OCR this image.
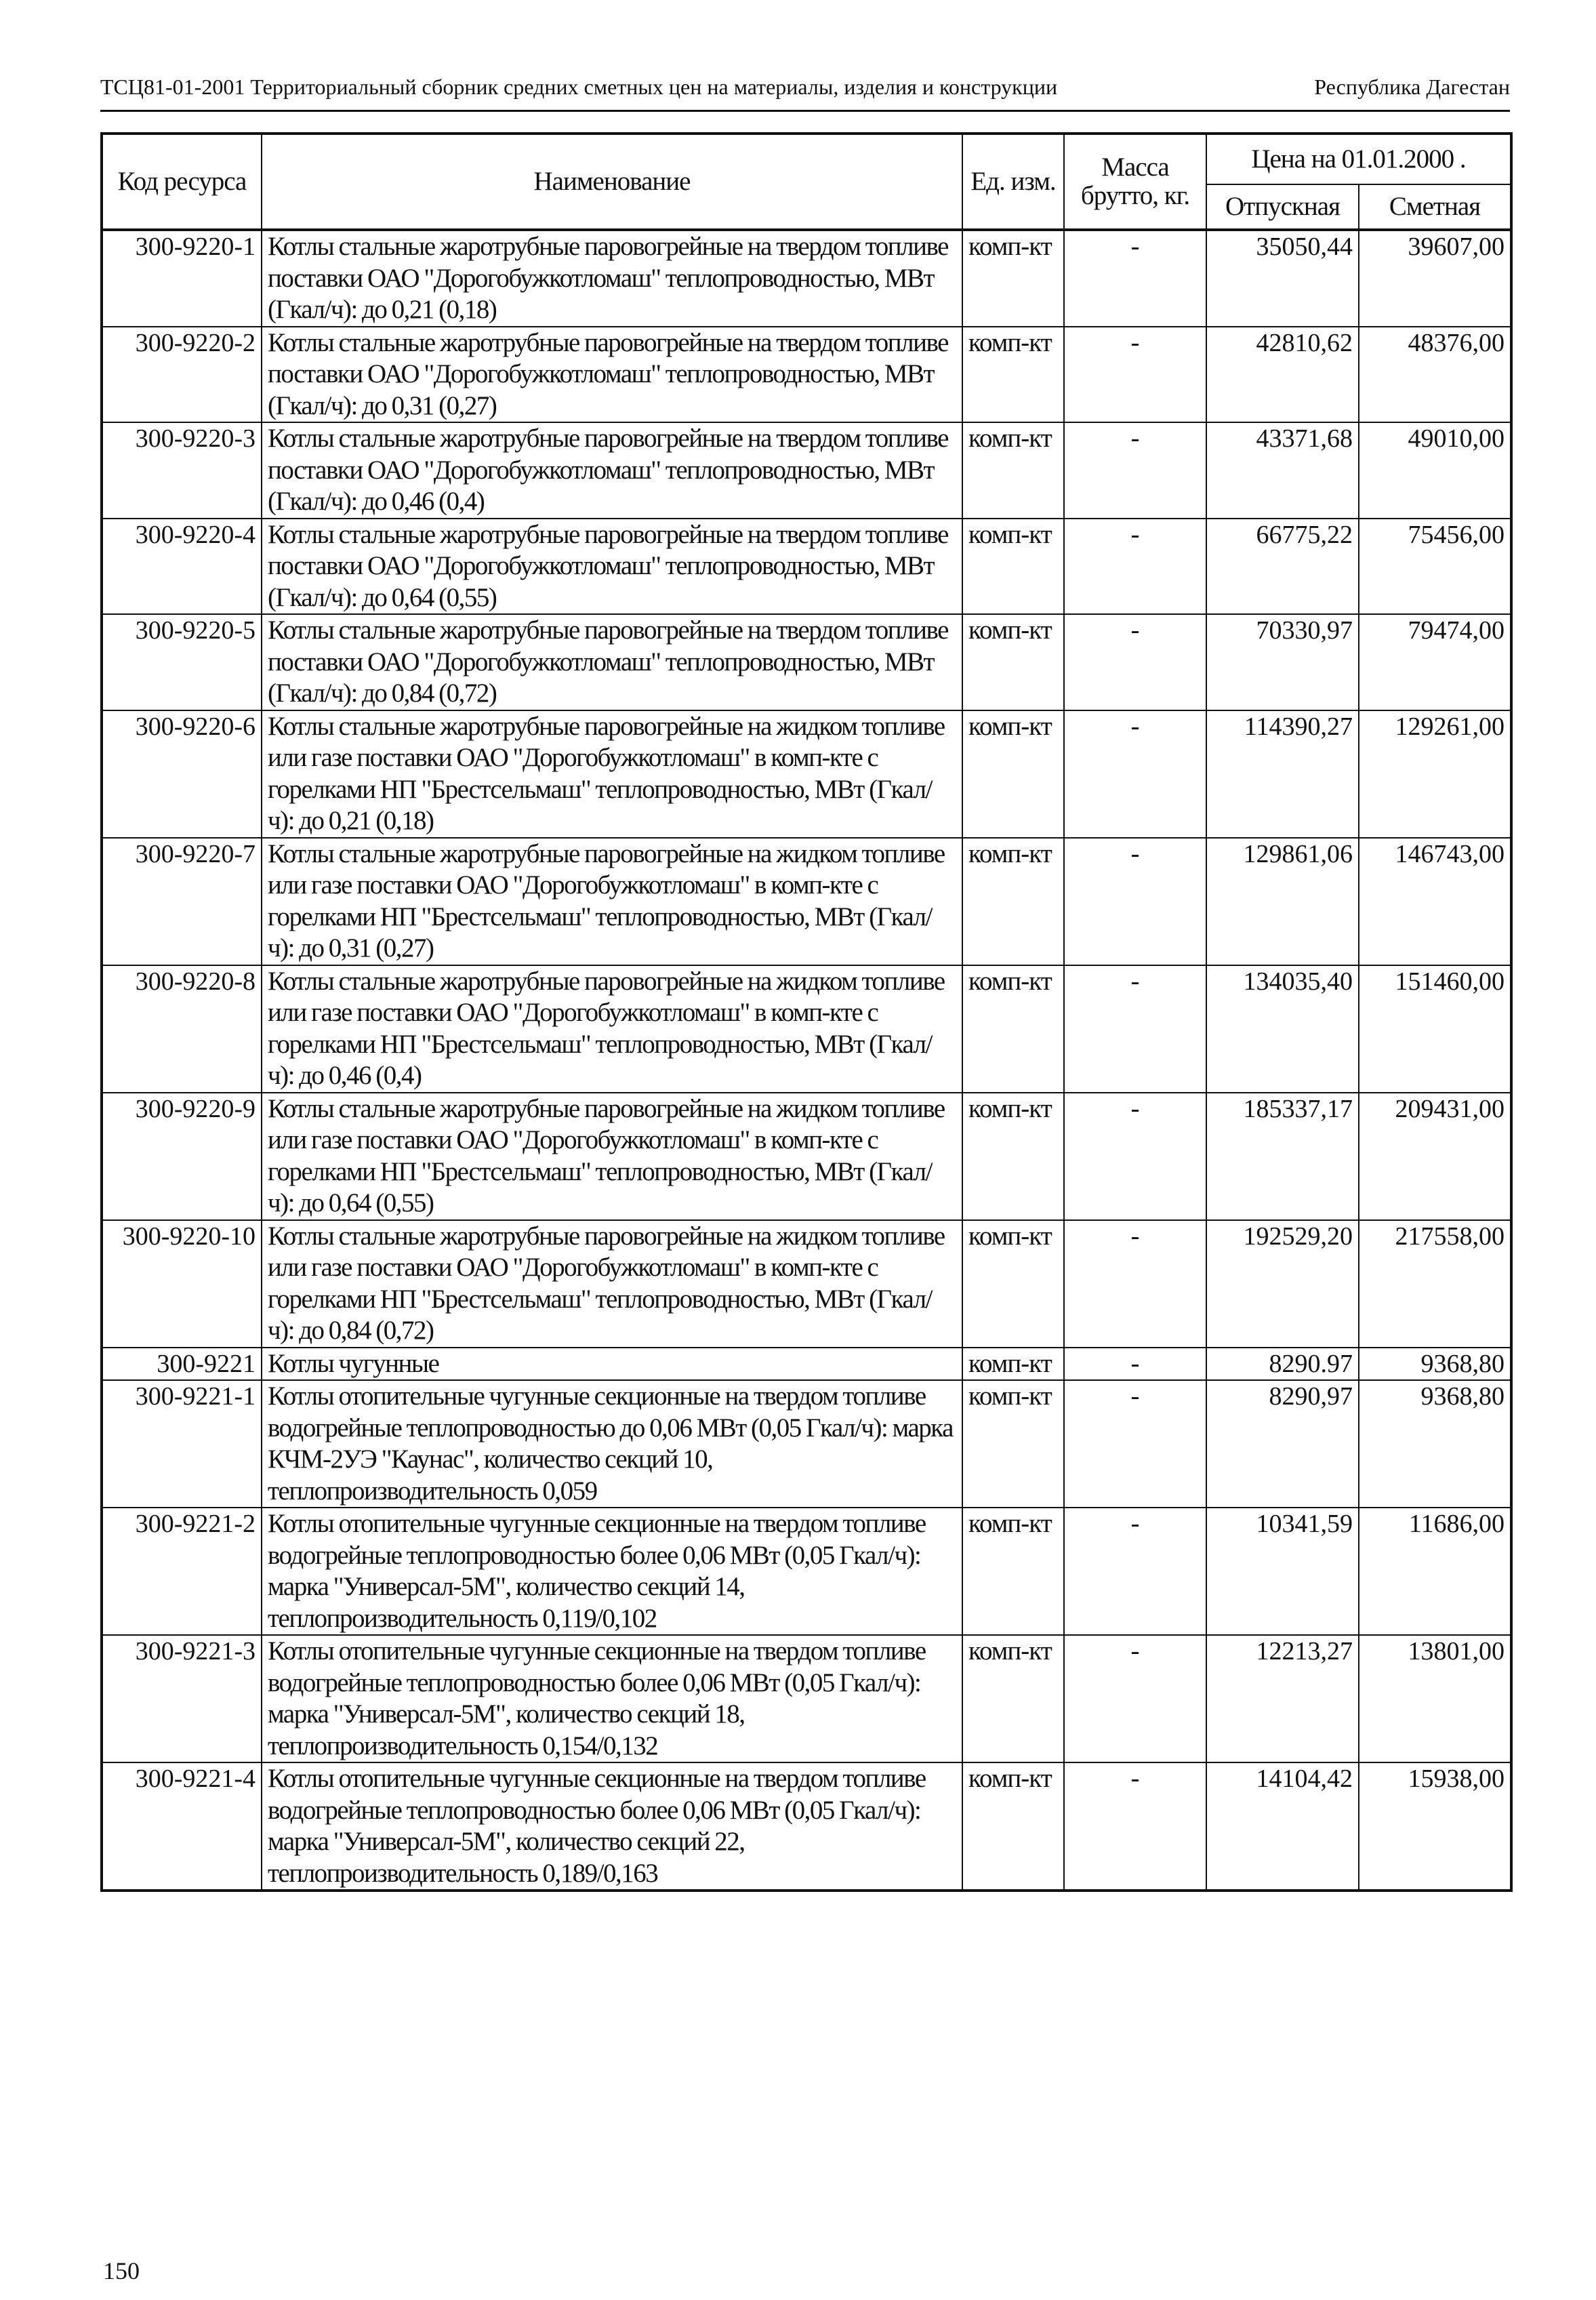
ТСЦ81-01-2001 Территориальный сборник средних сметных цен на материалы, изделия и конструкции	Республика Дагестан
Код ресурса	Наименование	Ед. изм.	Масса брутто, кг.	Цена на 01.01.2000 .	
				Отпускная	Сметная
300-9220-1	Котлы стальные жаротрубные паровогрейные на твердом топливе поставки ОАО "Дорогобужкотломаш" теплопроводностью, МВт (Гкал/ч): до 0,21 (0,18)	комп-кт	-	35050,44	39607,00
300-9220-2	Котлы стальные жаротрубные паровогрейные на твердом топливе поставки ОАО "Дорогобужкотломаш" теплопроводностью, МВт (Гкал/ч): до 0,31 (0,27)	комп-кт	-	42810,62	48376,00
300-9220-3	Котлы стальные жаротрубные паровогрейные на твердом топливе поставки ОАО "Дорогобужкотломаш" теплопроводностью, МВт (Гкал/ч): до 0,46 (0,4)	комп-кт	-	43371,68	49010,00
300-9220-4	Котлы стальные жаротрубные паровогрейные на твердом топливе поставки ОАО "Дорогобужкотломаш" теплопроводностью, МВт (Гкал/ч): до 0,64 (0,55)	комп-кт	-	66775,22	75456,00
300-9220-5	Котлы стальные жаротрубные паровогрейные на твердом топливе поставки ОАО "Дорогобужкотломаш" теплопроводностью, МВт (Гкал/ч): до 0,84 (0,72)	комп-кт	-	70330,97	79474,00
300-9220-6	Котлы стальные жаротрубные паровогрейные на жидком топливе или газе поставки ОАО "Дорогобужкотломаш" в комп-кте с горелками НП "Брестсельмаш" теплопроводностью, МВт (Гкал/ч): до 0,21 (0,18)	комп-кт	-	114390,27	129261,00
300-9220-7	Котлы стальные жаротрубные паровогрейные на жидком топливе или газе поставки ОАО "Дорогобужкотломаш" в комп-кте с горелками НП "Брестсельмаш" теплопроводностью, МВт (Гкал/ч): до 0,31 (0,27)	комп-кт	-	129861,06	146743,00
300-9220-8	Котлы стальные жаротрубные паровогрейные на жидком топливе или газе поставки ОАО "Дорогобужкотломаш" в комп-кте с горелками НП "Брестсельмаш" теплопроводностью, МВт (Гкал/ч): до 0,46 (0,4)	комп-кт	-	134035,40	151460,00
300-9220-9	Котлы стальные жаротрубные паровогрейные на жидком топливе или газе поставки ОАО "Дорогобужкотломаш" в комп-кте с горелками НП "Брестсельмаш" теплопроводностью, МВт (Гкал/ч): до 0,64 (0,55)	комп-кт	-	185337,17	209431,00
300-9220-10	Котлы стальные жаротрубные паровогрейные на жидком топливе или газе поставки ОАО "Дорогобужкотломаш" в комп-кте с горелками НП "Брестсельмаш" теплопроводностью, МВт (Гкал/ч): до 0,84 (0,72)	комп-кт	-	192529,20	217558,00
300-9221	Котлы чугунные	комп-кт	-	8290.97	9368,80
300-9221-1	Котлы отопительные чугунные секционные на твердом топливе водогрейные теплопроводностью до 0,06 МВт (0,05 Гкал/ч): марка КЧМ-2УЭ "Каунас", количество секций 10, теплопроизводительность 0,059	комп-кт	-	8290,97	9368,80
300-9221-2	Котлы отопительные чугунные секционные на твердом топливе водогрейные теплопроводностью более 0,06 МВт (0,05 Гкал/ч): марка "Универсал-5М", количество секций 14, теплопроизводительность 0,119/0,102	комп-кт	-	10341,59	11686,00
300-9221-3	Котлы отопительные чугунные секционные на твердом топливе водогрейные теплопроводностью более 0,06 МВт (0,05 Гкал/ч): марка "Универсал-5М", количество секций 18, теплопроизводительность 0,154/0,132	комп-кт	-	12213,27	13801,00
300-9221-4	Котлы отопительные чугунные секционные на твердом топливе водогрейные теплопроводностью более 0,06 МВт (0,05 Гкал/ч): марка "Универсал-5М", количество секций 22, теплопроизводительность 0,189/0,163	комп-кт	-	14104,42	15938,00
150
